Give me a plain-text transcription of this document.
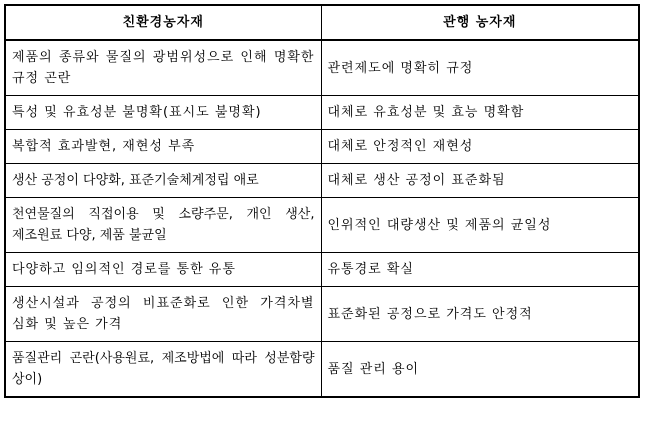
친환경농자재	관행 농자재
제품의 종류와 물질의 광범위성으로 인해 명확한 규정 곤란	관련제도에 명확히 규정
특성 및 유효성분 불명확(표시도 불명확)	대체로 유효성분 및 효능 명확함
복합적 효과발현, 재현성 부족	대체로 안정적인 재현성
생산 공정이 다양화, 표준기술체계정립 애로	대체로 생산 공정이 표준화됨
천연물질의 직접이용 및 소량주문, 개인 생산, 제조원료 다양, 제품 불균일	인위적인 대량생산 및 제품의 균일성
다양하고 임의적인 경로를 통한 유통	유통경로 확실
생산시설과 공정의 비표준화로 인한 가격차별 심화 및 높은 가격	표준화된 공정으로 가격도 안정적
품질관리 곤란(사용원료, 제조방법에 따라 성분함량 상이)	품질 관리 용이
